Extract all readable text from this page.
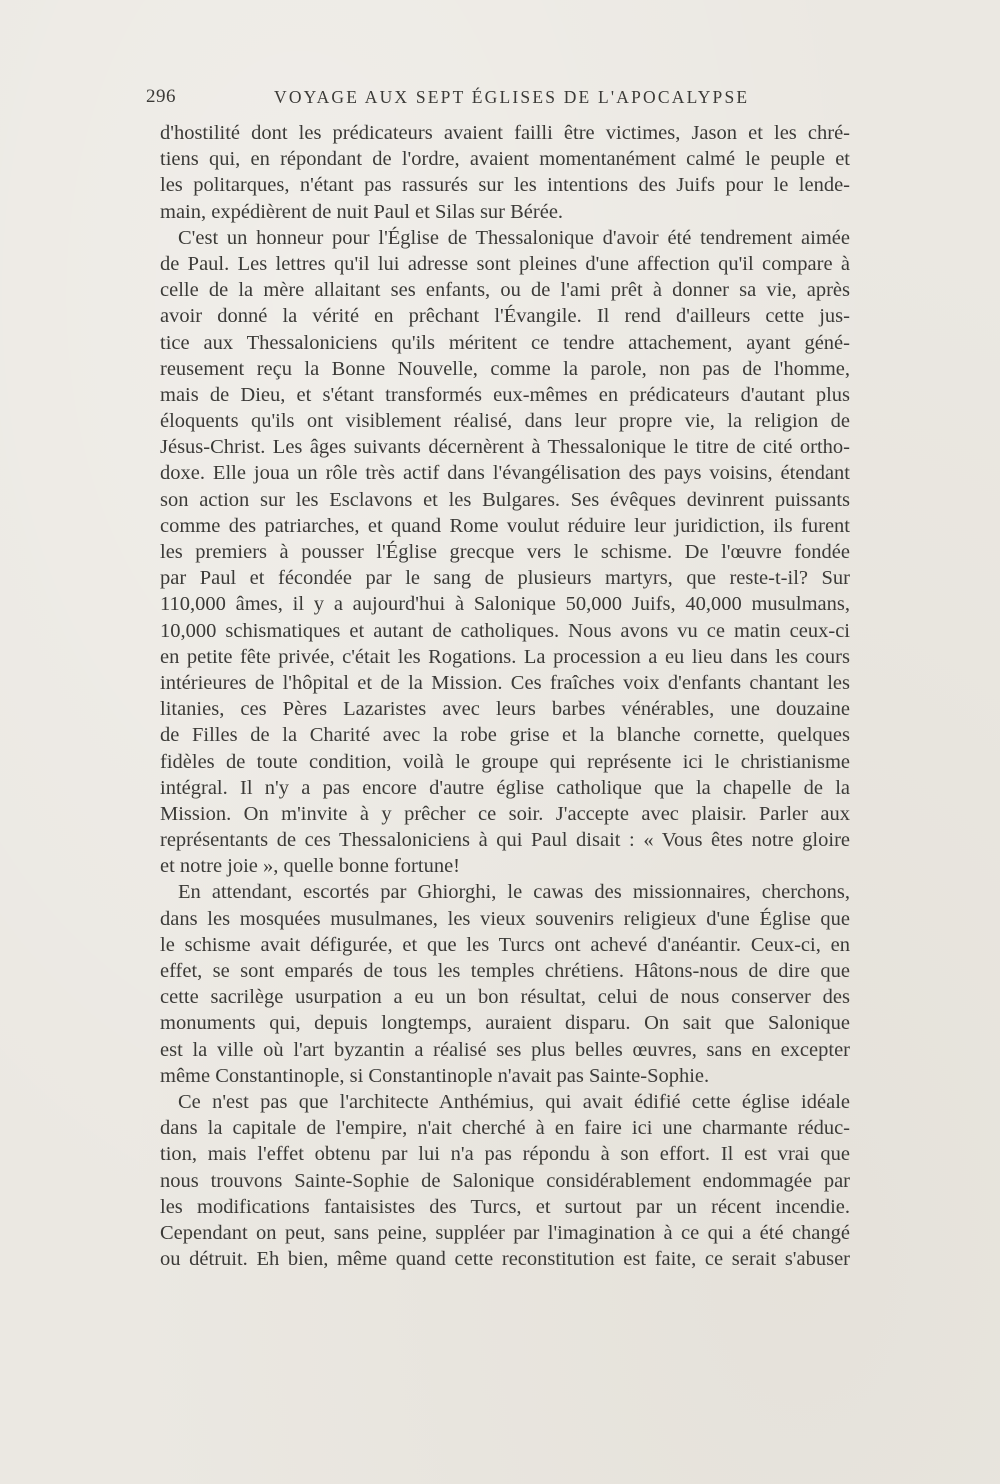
296	VOYAGE AUX SEPT ÉGLISES DE L'APOCALYPSE
d'hostilité dont les prédicateurs avaient failli être victimes, Jason et les chré-
tiens qui, en répondant de l'ordre, avaient momentanément calmé le peuple et
les politarques, n'étant pas rassurés sur les intentions des Juifs pour le lende-
main, expédièrent de nuit Paul et Silas sur Bérée.
C'est un honneur pour l'Église de Thessalonique d'avoir été tendrement aimée
de Paul. Les lettres qu'il lui adresse sont pleines d'une affection qu'il compare à
celle de la mère allaitant ses enfants, ou de l'ami prêt à donner sa vie, après
avoir donné la vérité en prêchant l'Évangile. Il rend d'ailleurs cette jus-
tice aux Thessaloniciens qu'ils méritent ce tendre attachement, ayant géné-
reusement reçu la Bonne Nouvelle, comme la parole, non pas de l'homme,
mais de Dieu, et s'étant transformés eux-mêmes en prédicateurs d'autant plus
éloquents qu'ils ont visiblement réalisé, dans leur propre vie, la religion de
Jésus-Christ. Les âges suivants décernèrent à Thessalonique le titre de cité ortho-
doxe. Elle joua un rôle très actif dans l'évangélisation des pays voisins, étendant
son action sur les Esclavons et les Bulgares. Ses évêques devinrent puissants
comme des patriarches, et quand Rome voulut réduire leur juridiction, ils furent
les premiers à pousser l'Église grecque vers le schisme. De l'œuvre fondée
par Paul et fécondée par le sang de plusieurs martyrs, que reste-t-il? Sur
110,000 âmes, il y a aujourd'hui à Salonique 50,000 Juifs, 40,000 musulmans,
10,000 schismatiques et autant de catholiques. Nous avons vu ce matin ceux-ci
en petite fête privée, c'était les Rogations. La procession a eu lieu dans les cours
intérieures de l'hôpital et de la Mission. Ces fraîches voix d'enfants chantant les
litanies, ces Pères Lazaristes avec leurs barbes vénérables, une douzaine
de Filles de la Charité avec la robe grise et la blanche cornette, quelques
fidèles de toute condition, voilà le groupe qui représente ici le christianisme
intégral. Il n'y a pas encore d'autre église catholique que la chapelle de la
Mission. On m'invite à y prêcher ce soir. J'accepte avec plaisir. Parler aux
représentants de ces Thessaloniciens à qui Paul disait : « Vous êtes notre gloire
et notre joie », quelle bonne fortune!
En attendant, escortés par Ghiorghi, le cawas des missionnaires, cherchons,
dans les mosquées musulmanes, les vieux souvenirs religieux d'une Église que
le schisme avait défigurée, et que les Turcs ont achevé d'anéantir. Ceux-ci, en
effet, se sont emparés de tous les temples chrétiens. Hâtons-nous de dire que
cette sacrilège usurpation a eu un bon résultat, celui de nous conserver des
monuments qui, depuis longtemps, auraient disparu. On sait que Salonique
est la ville où l'art byzantin a réalisé ses plus belles œuvres, sans en excepter
même Constantinople, si Constantinople n'avait pas Sainte-Sophie.
Ce n'est pas que l'architecte Anthémius, qui avait édifié cette église idéale
dans la capitale de l'empire, n'ait cherché à en faire ici une charmante réduc-
tion, mais l'effet obtenu par lui n'a pas répondu à son effort. Il est vrai que
nous trouvons Sainte-Sophie de Salonique considérablement endommagée par
les modifications fantaisistes des Turcs, et surtout par un récent incendie.
Cependant on peut, sans peine, suppléer par l'imagination à ce qui a été changé
ou détruit. Eh bien, même quand cette reconstitution est faite, ce serait s'abuser
